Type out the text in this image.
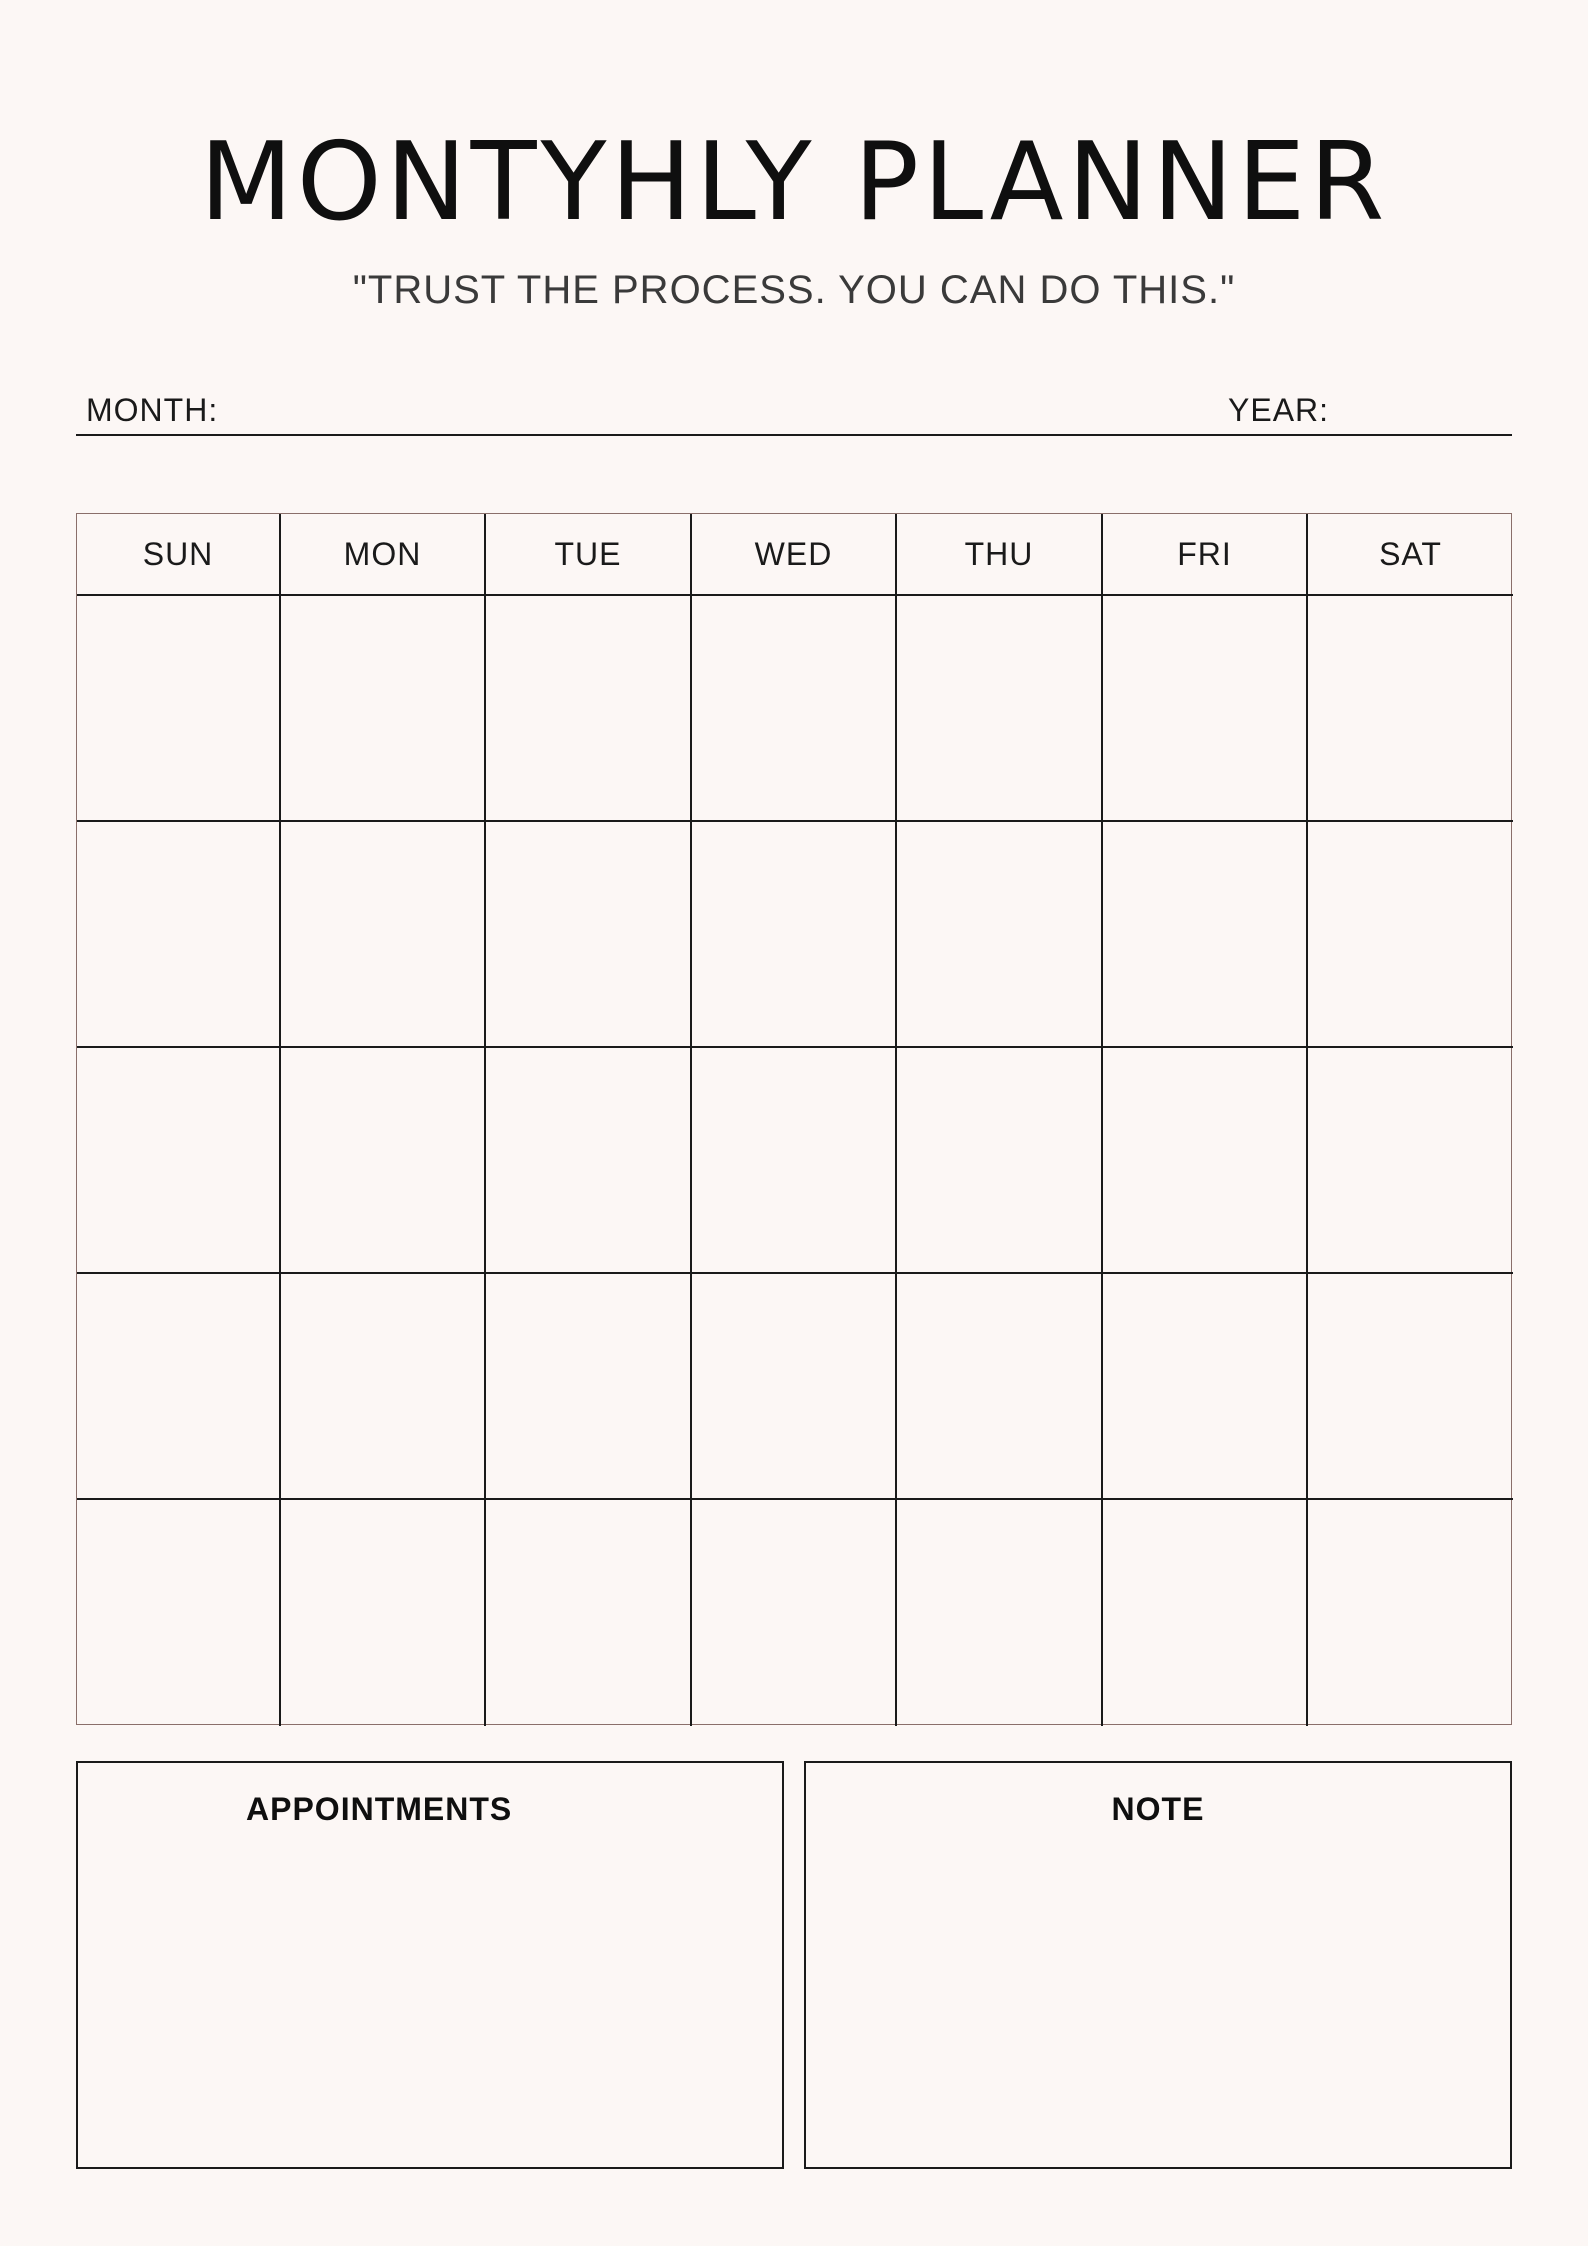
MONTYHLY PLANNER
"TRUST THE PROCESS. YOU CAN DO THIS."
MONTH:	YEAR:
SUN	MON	TUE	WED	THU	FRI	SAT
APPOINTMENTS	NOTE
